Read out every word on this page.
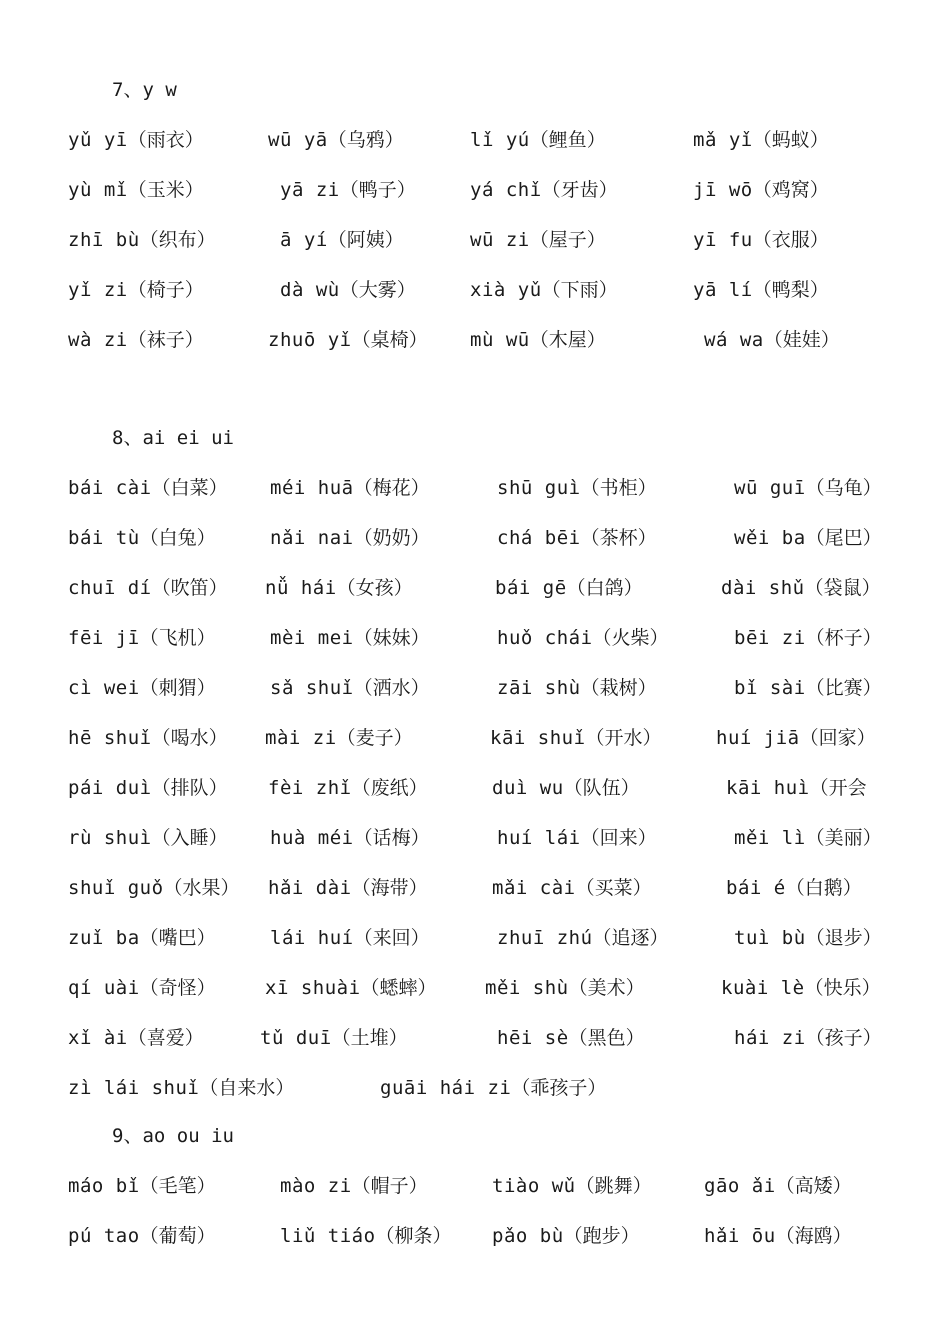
7、y w
yǔ yī（雨衣）	wū yā（乌鸦）	lǐ yú（鲤鱼）	mǎ yǐ（蚂蚁）
yù mǐ（玉米）	yā zi（鸭子）	yá chǐ（牙齿）	jī wō（鸡窝）
zhī bù（织布）	ā yí（阿姨）	wū zi（屋子）	yī fu（衣服）
yǐ zi（椅子）	dà wù（大雾）	xià yǔ（下雨）	yā lí（鸭梨）
wà zi（袜子）	zhuō yǐ（桌椅） mù wū（木屋）	wá wa（娃娃）
8、ai ei ui
bái cài（白菜） méi huā（梅花）	shū guì（书柜）	wū guī（乌龟）
bái tù（白兔）	nǎi nai（奶奶）	chá bēi（茶杯）	wěi ba（尾巴）
chuī dí（吹笛） nǚ hái（女孩）	bái gē（白鸽）	dài shǔ（袋鼠）
fēi jī（飞机）	mèi mei（妹妹）	huǒ chái（火柴）	bēi zi（杯子）
cì wei（刺猬）	sǎ shuǐ（洒水）	zāi shù（栽树）	bǐ sài（比赛）
hē shuǐ（喝水） mài zi（麦子）	kāi shuǐ（开水）	huí jiā（回家）
pái duì（排队） fèi zhǐ（废纸）	duì wu（队伍）	kāi huì（开会
rù shuì（入睡） huà méi（话梅）	huí lái（回来）	měi lì（美丽）
shuǐ guǒ（水果） hǎi dài（海带）	mǎi cài（买菜）	bái é（白鹅）
zuǐ ba（嘴巴）	lái huí（来回）	zhuī zhú（追逐）	tuì bù（退步）
qí uài（奇怪）	xī shuài（蟋蟀）	měi shù（美术）	kuài lè（快乐）
xǐ ài（喜爱）	tǔ duī（土堆）	hēi sè（黑色）	hái zi（孩子）
zì lái shuǐ（自来水）	guāi hái zi（乖孩子）
9、ao ou iu
máo bǐ（毛笔）	mào zi（帽子）	tiào wǔ（跳舞）	gāo ǎi（高矮）
pú tao（葡萄）	liǔ tiáo（柳条） pǎo bù（跑步）	hǎi ōu（海鸥）
